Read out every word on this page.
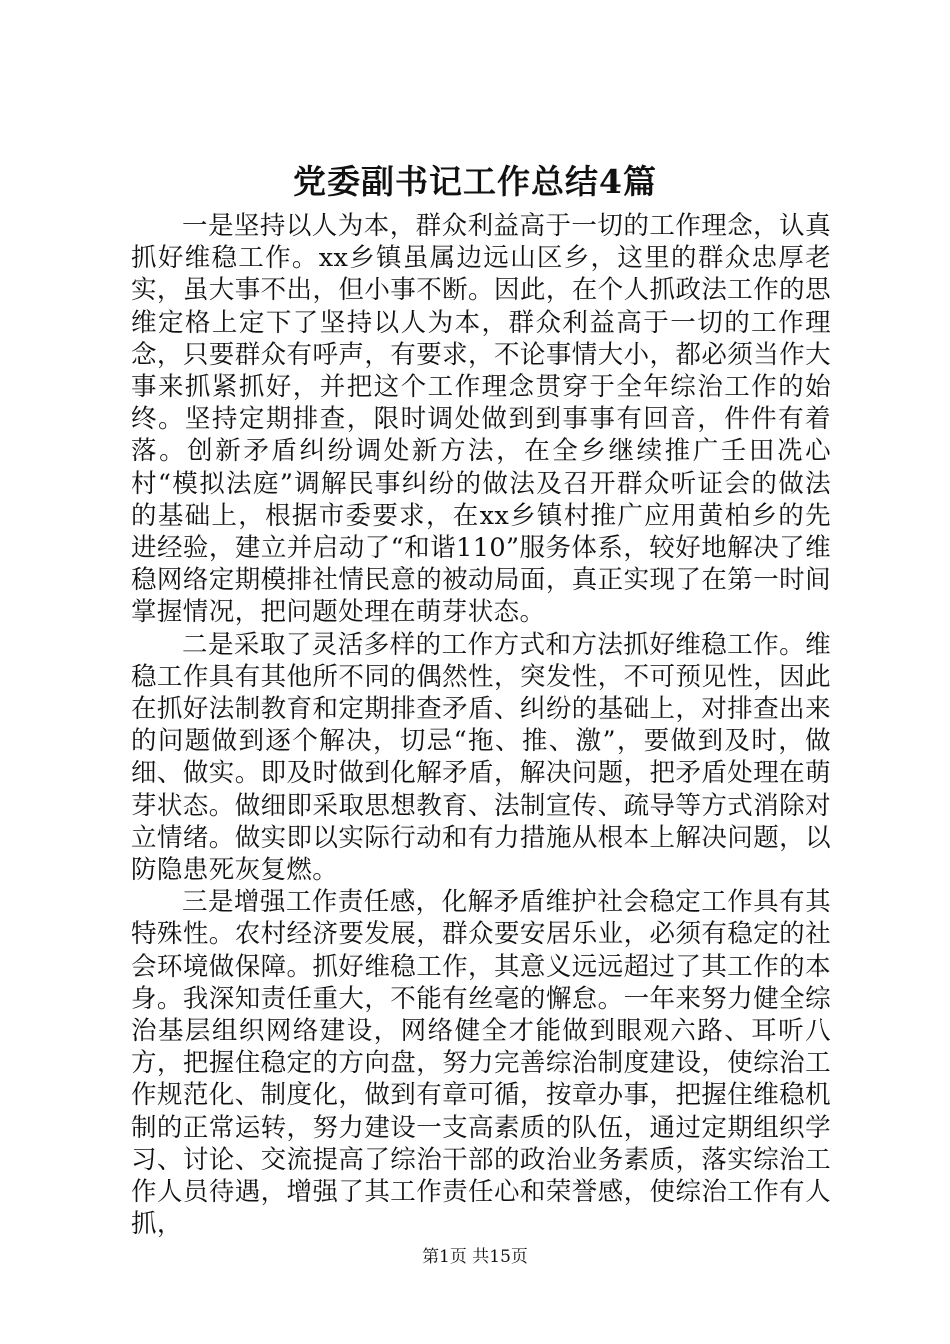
党委副书记工作总结4篇

一是坚持以人为本，群众利益高于一切的工作理念，认真抓好维稳工作。xx乡镇虽属边远山区乡，这里的群众忠厚老实，虽大事不出，但小事不断。因此，在个人抓政法工作的思维定格上定下了坚持以人为本，群众利益高于一切的工作理念，只要群众有呼声，有要求，不论事情大小，都必须当作大事来抓紧抓好，并把这个工作理念贯穿于全年综治工作的始终。坚持定期排查，限时调处做到到事事有回音，件件有着落。创新矛盾纠纷调处新方法，在全乡继续推广壬田冼心村“模拟法庭”调解民事纠纷的做法及召开群众听证会的做法的基础上，根据市委要求，在xx乡镇村推广应用黄柏乡的先进经验，建立并启动了“和谐110”服务体系，较好地解决了维稳网络定期模排社情民意的被动局面，真正实现了在第一时间掌握情况，把问题处理在萌芽状态。

二是采取了灵活多样的工作方式和方法抓好维稳工作。维稳工作具有其他所不同的偶然性，突发性，不可预见性，因此在抓好法制教育和定期排查矛盾、纠纷的基础上，对排查出来的问题做到逐个解决，切忌“拖、推、激”，要做到及时，做细、做实。即及时做到化解矛盾，解决问题，把矛盾处理在萌芽状态。做细即采取思想教育、法制宣传、疏导等方式消除对立情绪。做实即以实际行动和有力措施从根本上解决问题，以防隐患死灰复燃。

三是增强工作责任感，化解矛盾维护社会稳定工作具有其特殊性。农村经济要发展，群众要安居乐业，必须有稳定的社会环境做保障。抓好维稳工作，其意义远远超过了其工作的本身。我深知责任重大，不能有丝毫的懈怠。一年来努力健全综治基层组织网络建设，网络健全才能做到眼观六路、耳听八方，把握住稳定的方向盘，努力完善综治制度建设，使综治工作规范化、制度化，做到有章可循，按章办事，把握住维稳机制的正常运转，努力建设一支高素质的队伍，通过定期组织学习、讨论、交流提高了综治干部的政治业务素质，落实综治工作人员待遇，增强了其工作责任心和荣誉感，使综治工作有人抓，

第1页 共15页
